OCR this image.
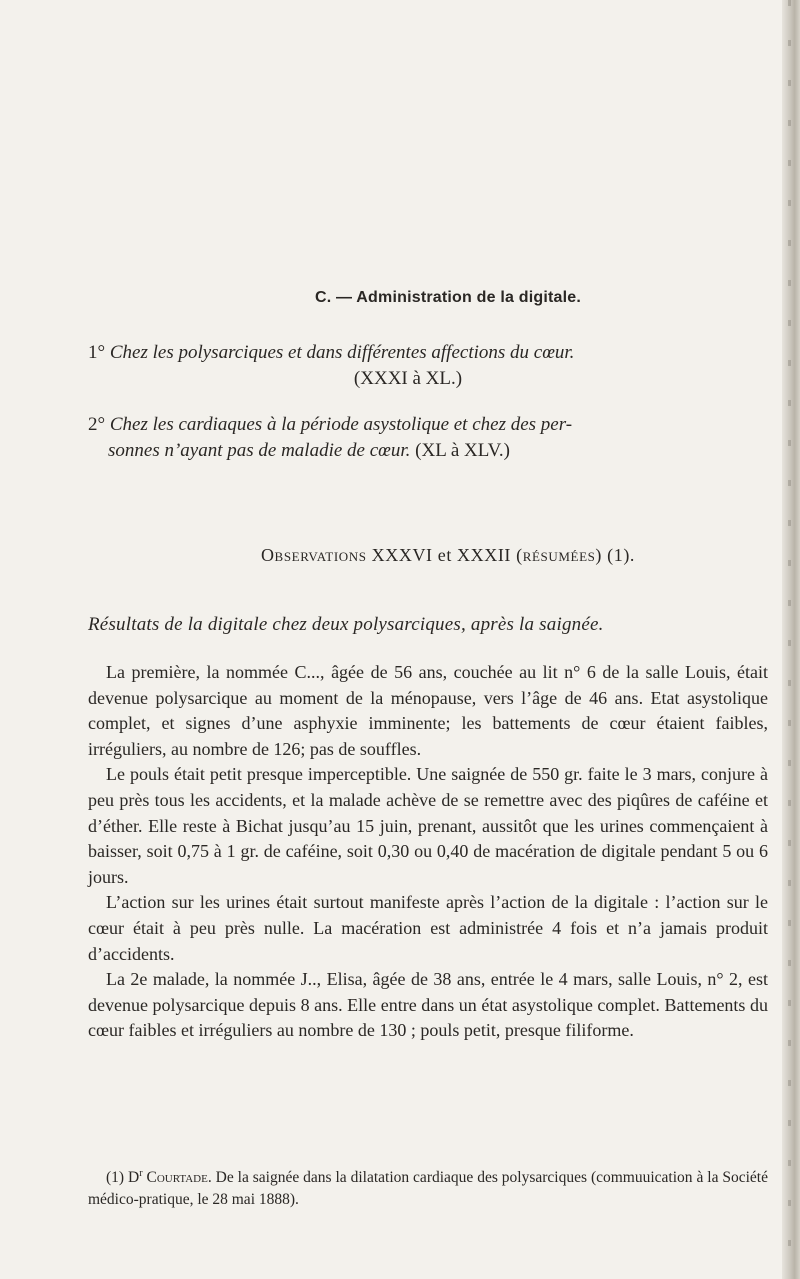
C. — Administration de la digitale.
1° Chez les polysarciques et dans différentes affections du cœur.
(XXXI à XL.)
2° Chez les cardiaques à la période asystolique et chez des per-
sonnes n’ayant pas de maladie de cœur. (XL à XLV.)
Observations XXXVI et XXXII (résumées) (1).
Résultats de la digitale chez deux polysarciques, après la saignée.

La première, la nommée C..., âgée de 56 ans, couchée au lit n° 6 de la salle Louis, était devenue polysarcique au moment de la ménopause, vers l’âge de 46 ans. Etat asystolique complet, et signes d’une asphyxie imminente; les battements de cœur étaient faibles, irréguliers, au nombre de 126; pas de souffles.

Le pouls était petit presque imperceptible. Une saignée de 550 gr. faite le 3 mars, conjure à peu près tous les accidents, et la malade achève de se remettre avec des piqûres de caféine et d’éther. Elle reste à Bichat jusqu’au 15 juin, prenant, aussitôt que les urines commençaient à baisser, soit 0,75 à 1 gr. de caféine, soit 0,30 ou 0,40 de macération de digitale pendant 5 ou 6 jours.

L’action sur les urines était surtout manifeste après l’action de la digitale : l’action sur le cœur était à peu près nulle. La macération est administrée 4 fois et n’a jamais produit d’accidents.

La 2e malade, la nommée J.., Elisa, âgée de 38 ans, entrée le 4 mars, salle Louis, n° 2, est devenue polysarcique depuis 8 ans. Elle entre dans un état asystolique complet. Battements du cœur faibles et irréguliers au nombre de 130 ; pouls petit, presque filiforme.

(1) $D^r$ Courtade. De la saignée dans la dilatation cardiaque des polysarciques (commuuication à la Société médico-pratique, le 28 mai 1888).
